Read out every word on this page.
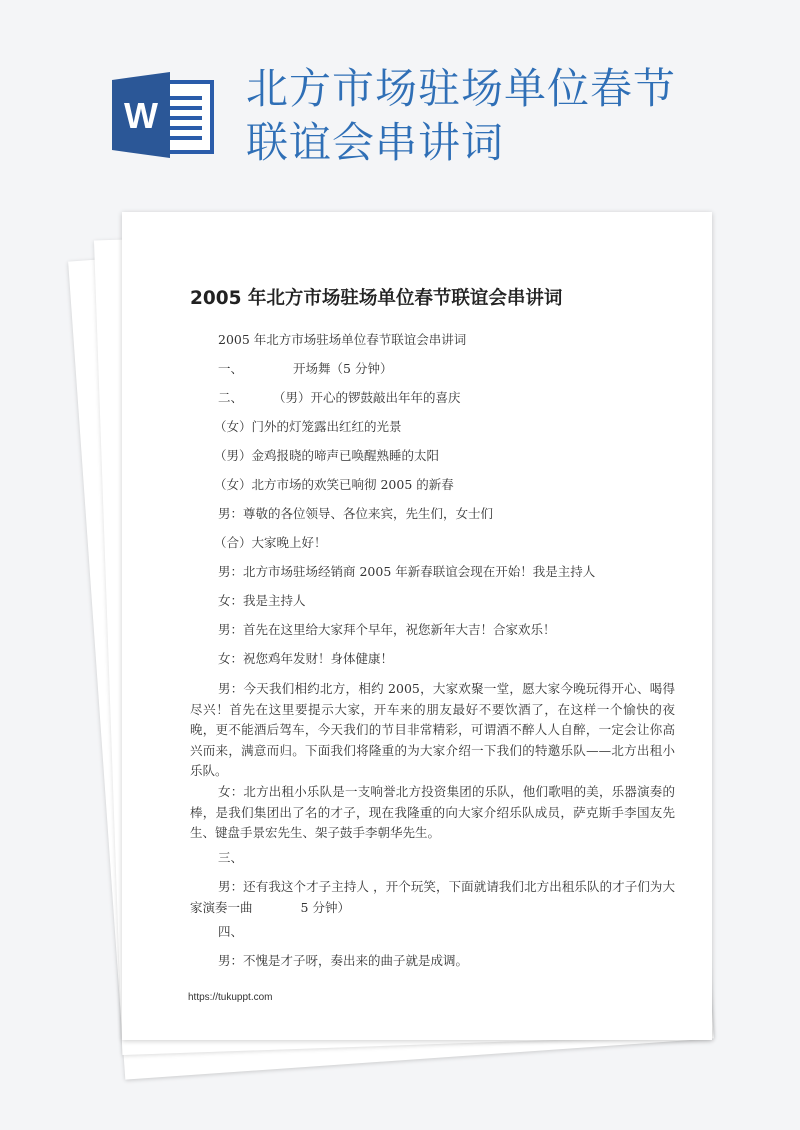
W
北方市场驻场单位春节
联谊会串讲词

2005 年北方市场驻场单位春节联谊会串讲词

2005 年北方市场驻场单位春节联谊会串讲词

一、	开场舞（5 分钟）

二、 （男）开心的锣鼓敲出年年的喜庆

（女）门外的灯笼露出红红的光景

（男）金鸡报晓的啼声已唤醒熟睡的太阳

（女）北方市场的欢笑已响彻 2005 的新春

男：尊敬的各位领导、各位来宾，先生们，女士们

（合）大家晚上好！

男：北方市场驻场经销商 2005 年新春联谊会现在开始！我是主持人

女：我是主持人

男：首先在这里给大家拜个早年，祝您新年大吉！合家欢乐！

女：祝您鸡年发财！身体健康！

男：今天我们相约北方，相约 2005，大家欢聚一堂，愿大家今晚玩得开心、喝得尽兴！首先在这里要提示大家，开车来的朋友最好不要饮酒了，在这样一个愉快的夜晚，更不能酒后驾车，今天我们的节目非常精彩，可谓酒不醉人人自醉，一定会让你高兴而来，满意而归。下面我们将隆重的为大家介绍一下我们的特邀乐队——北方出租小乐队。

女：北方出租小乐队是一支响誉北方投资集团的乐队，他们歌唱的美，乐器演奏的棒，是我们集团出了名的才子，现在我隆重的向大家介绍乐队成员，萨克斯手李国友先生、键盘手景宏先生、架子鼓手李朝华先生。

三、

男：还有我这个才子主持人 ，开个玩笑，下面就请我们北方出租乐队的才子们为大家演奏一曲	5 分钟）

四、

男：不愧是才子呀，奏出来的曲子就是成调。

https://tukuppt.com
